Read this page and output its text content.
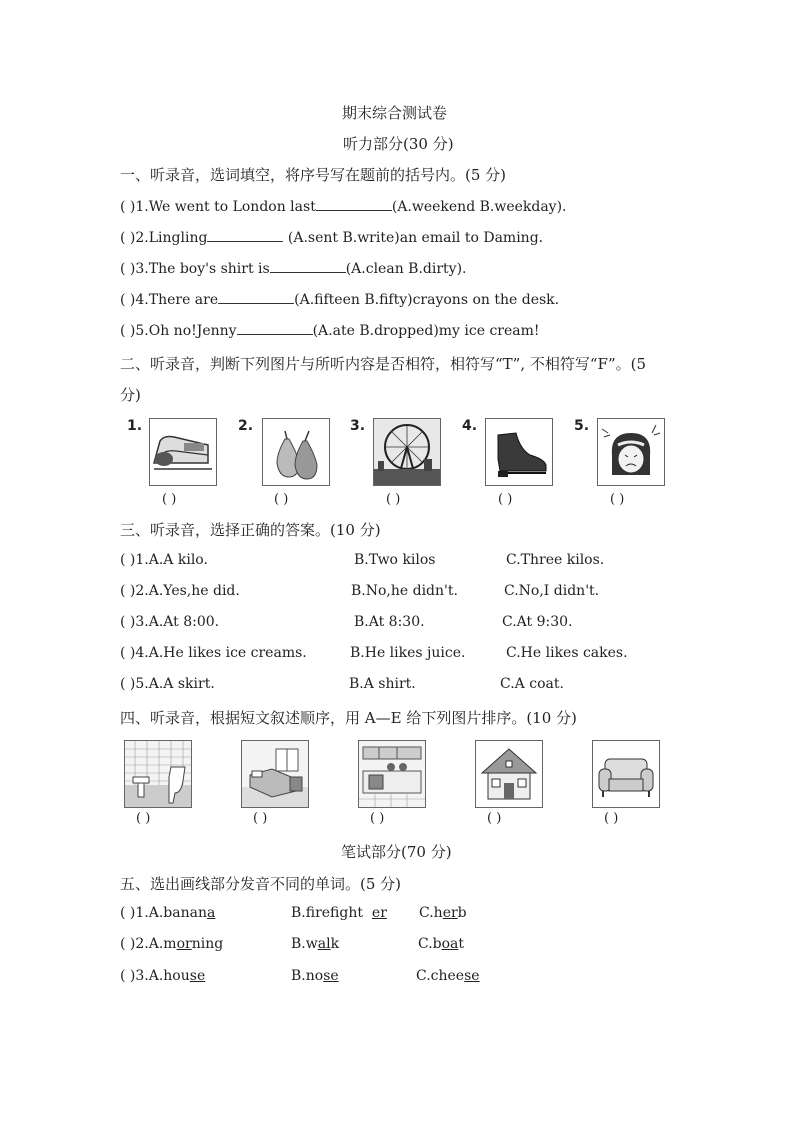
期末综合测试卷
听力部分(30 分)
一、听录音，选词填空，将序号写在题前的括号内。(5 分)
( )1.We went to London last	(A.weekend B.weekday).
( )2.Lingling	(A.sent B.write)an email to Daming.
( )3.The boy's shirt is	(A.clean B.dirty).
( )4.There are	(A.fifteen B.fifty)crayons on the desk.
( )5.Oh no!Jenny	(A.ate B.dropped)my ice cream!
二、听录音，判断下列图片与所听内容是否相符，相符写“T”, 不相符写“F”。(5
分)
1.	2.	3.	4.	5.
( )	( )	( )	( )	( )
三、听录音，选择正确的答案。(10 分)
( )1.A.A kilo.	B.Two kilos	C.Three kilos.
( )2.A.Yes,he did.	B.No,he didn't.	C.No,I didn't.
( )3.A.At 8:00.	B.At 8:30.	C.At 9:30.
( )4.A.He likes ice creams.	B.He likes juice.	C.He likes cakes.
( )5.A.A skirt.	B.A shirt.	C.A coat.
四、听录音，根据短文叙述顺序，用 A—E 给下列图片排序。(10 分)
( )	( )	( )	( )	( )
笔试部分(70 分)
五、选出画线部分发音不同的单词。(5 分)
( )1.A.banana	B.firefight er C.herb
( )2.A.morning	B.walk	C.boat
( )3.A.house	B.nose	C.cheese
